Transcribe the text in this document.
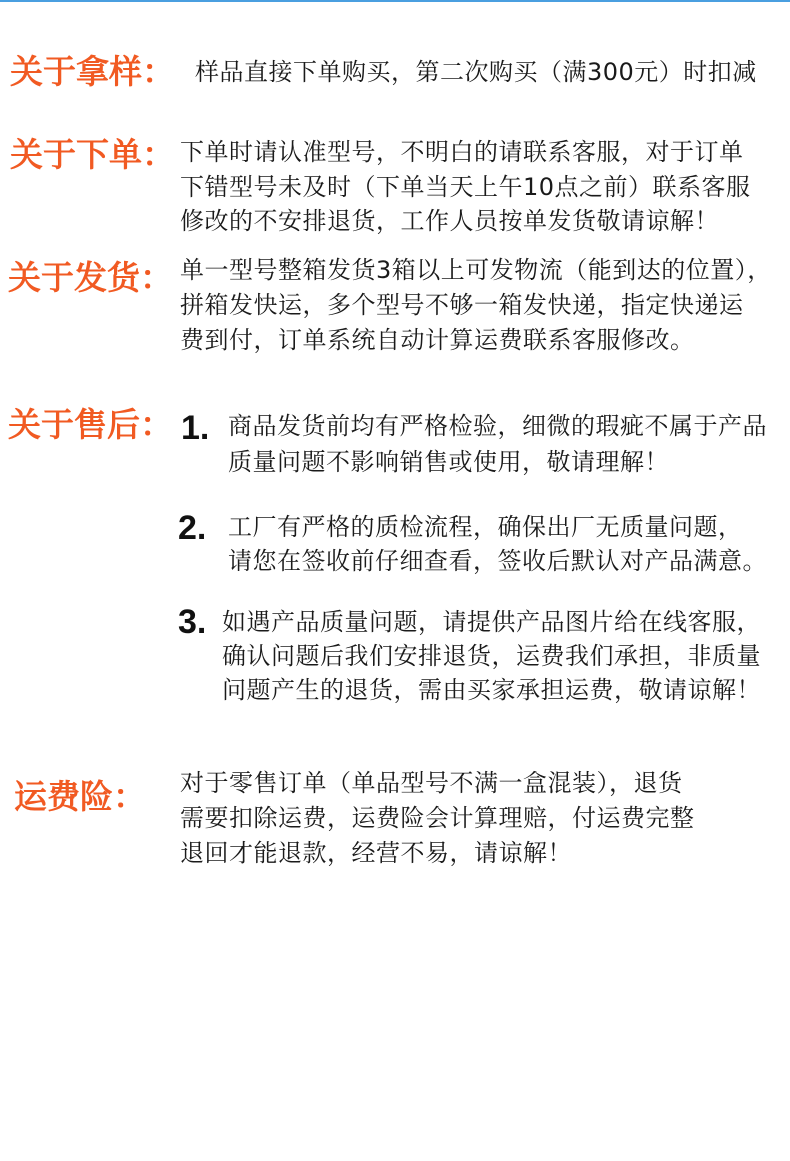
关于拿样： 样品直接下单购买，第二次购买（满300元）时扣减
关于下单： 下单时请认准型号，不明白的请联系客服，对于订单
下错型号未及时（下单当天上午10点之前）联系客服
修改的不安排退货，工作人员按单发货敬请谅解！
关于发货： 单一型号整箱发货3箱以上可发物流（能到达的位置），
拼箱发快运，多个型号不够一箱发快递，指定快递运
费到付，订单系统自动计算运费联系客服修改。
关于售后： 1. 商品发货前均有严格检验，细微的瑕疵不属于产品
质量问题不影响销售或使用，敬请理解！
2. 工厂有严格的质检流程，确保出厂无质量问题，
请您在签收前仔细查看，签收后默认对产品满意。
3. 如遇产品质量问题，请提供产品图片给在线客服，
确认问题后我们安排退货，运费我们承担，非质量
问题产生的退货，需由买家承担运费，敬请谅解！
运费险： 对于零售订单（单品型号不满一盒混装），退货
需要扣除运费，运费险会计算理赔，付运费完整
退回才能退款，经营不易，请谅解！
